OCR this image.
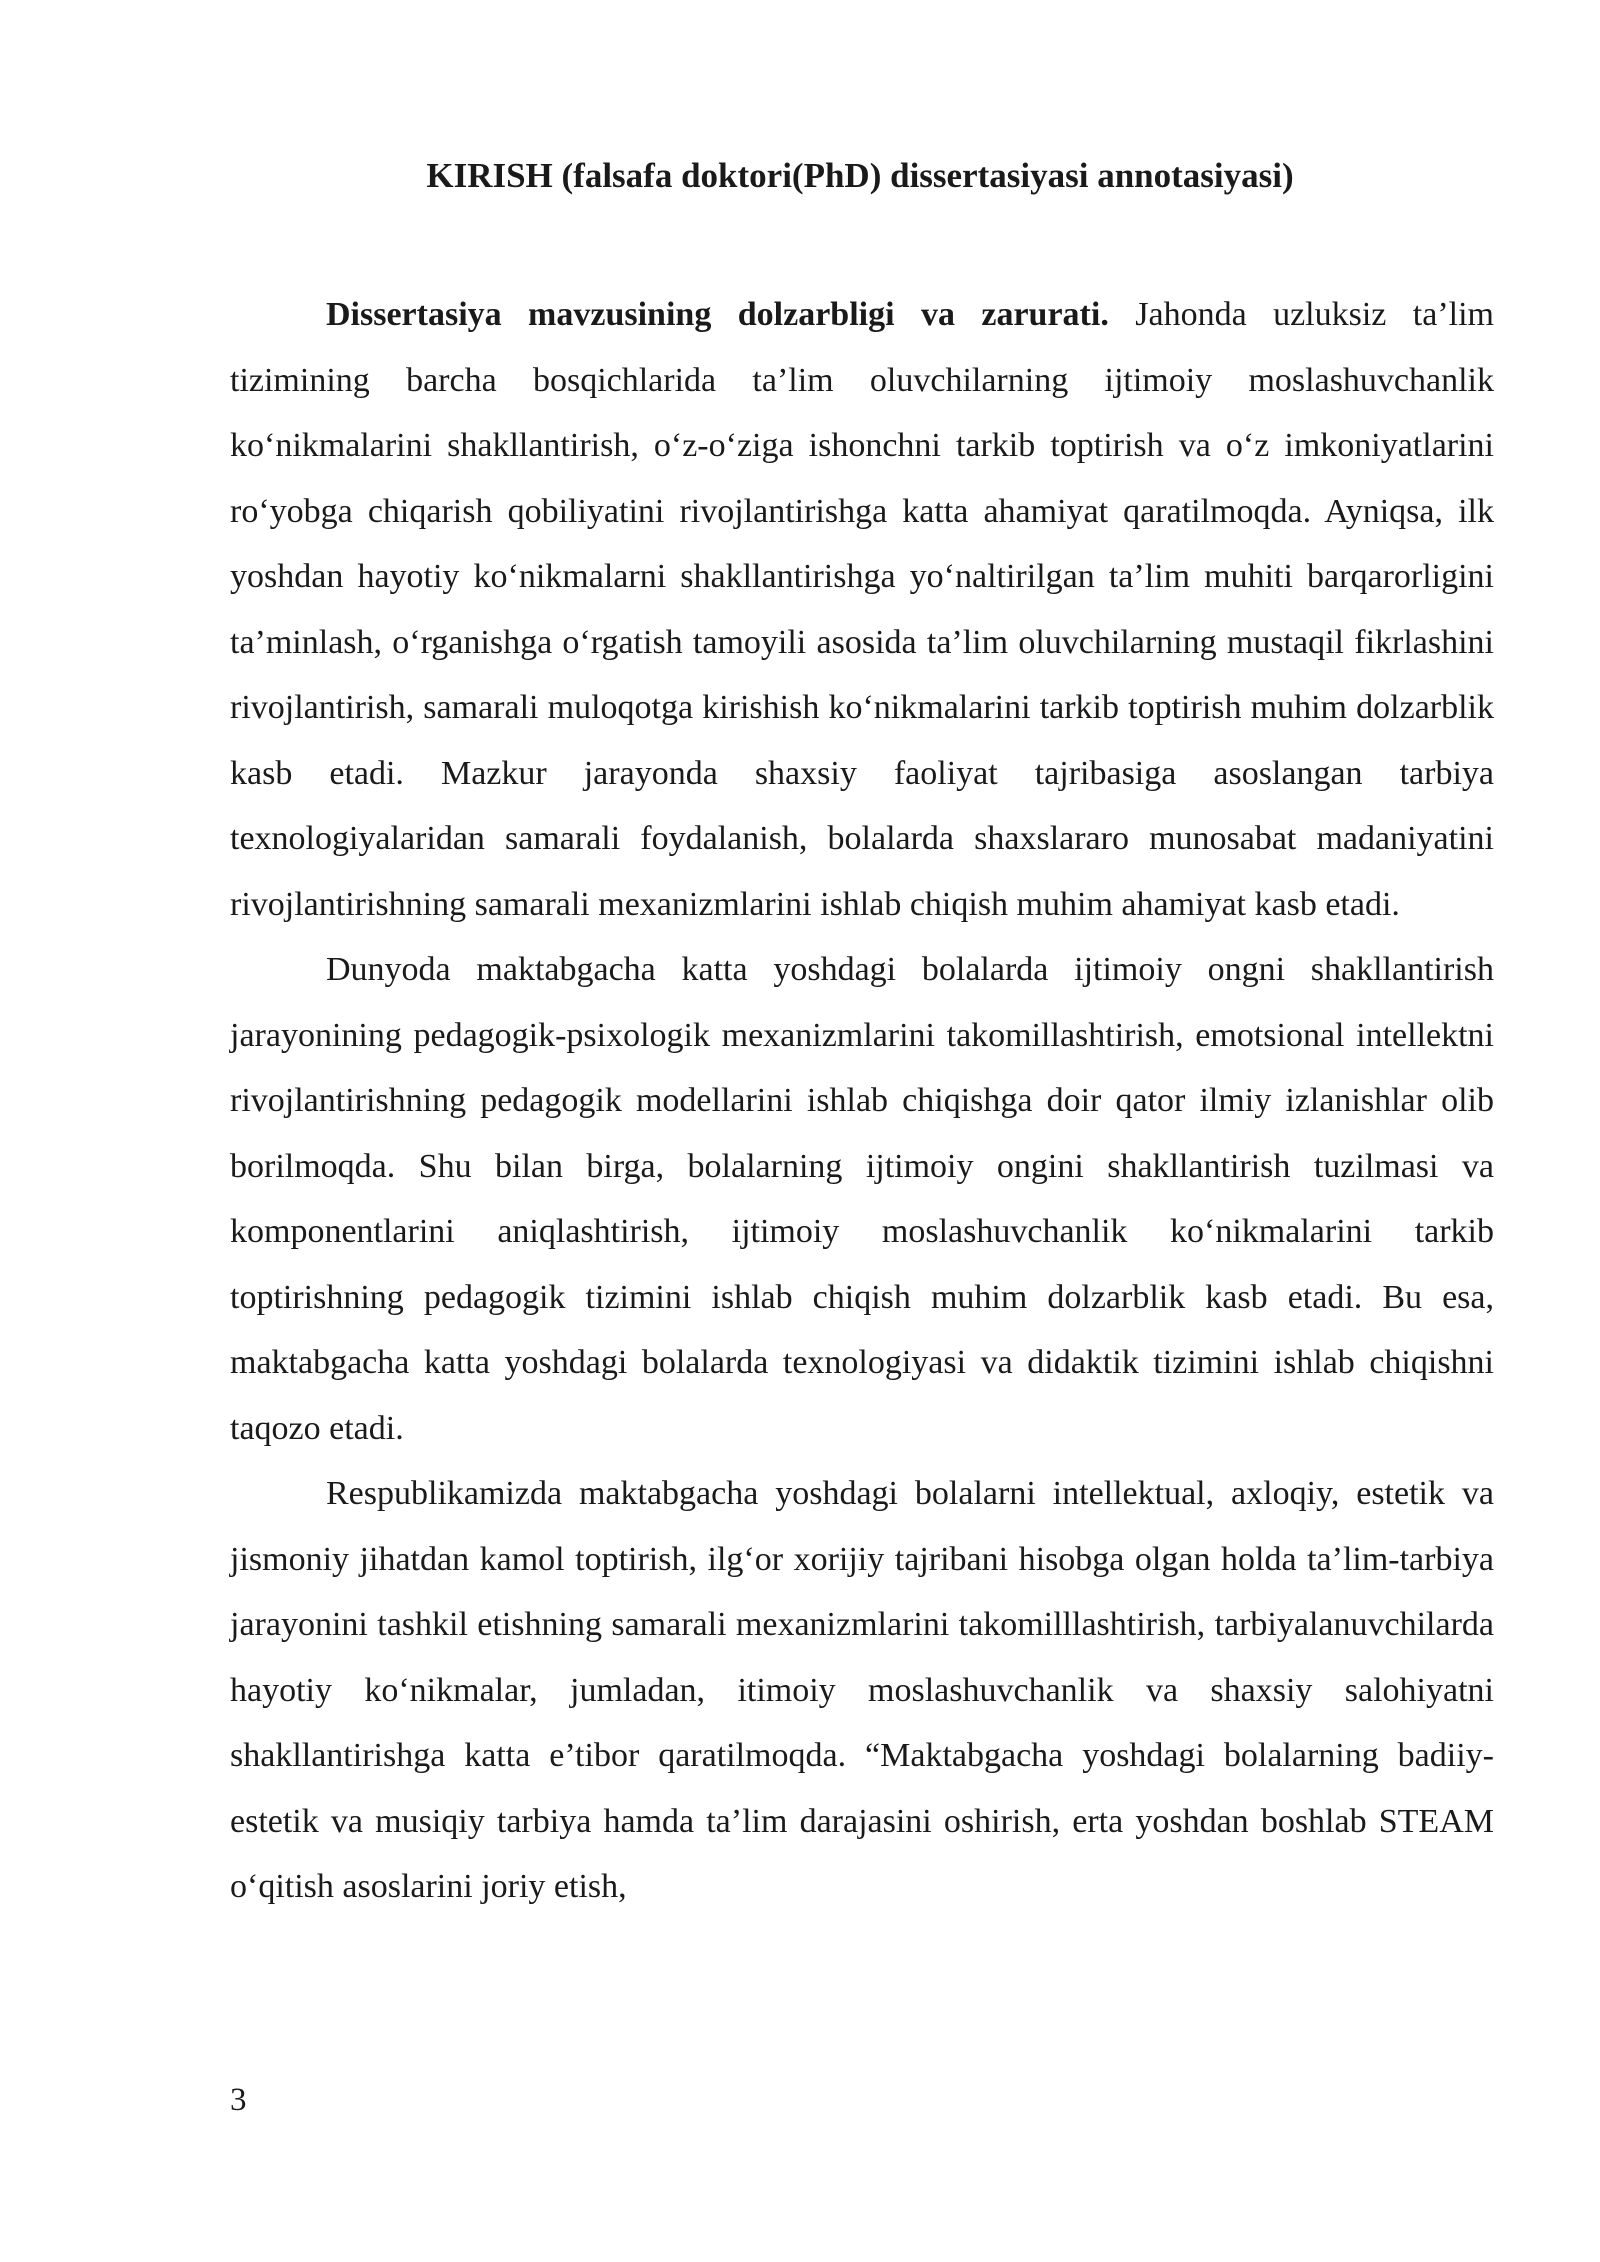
KIRISH (falsafa doktori(PhD) dissertasiyasi annotasiyasi)

Dissertasiya mavzusining dolzarbligi va zarurati. Jahonda uzluksiz ta’lim tizimining barcha bosqichlarida ta’lim oluvchilarning ijtimoiy moslashuvchanlik ko‘nikmalarini shakllantirish, o‘z-o‘ziga ishonchni tarkib toptirish va o‘z imkoniyatlarini ro‘yobga chiqarish qobiliyatini rivojlantirishga katta ahamiyat qaratilmoqda. Ayniqsa, ilk yoshdan hayotiy ko‘nikmalarni shakllantirishga yo‘naltirilgan ta’lim muhiti barqarorligini ta’minlash, o‘rganishga o‘rgatish tamoyili asosida ta’lim oluvchilarning mustaqil fikrlashini rivojlantirish, samarali muloqotga kirishish ko‘nikmalarini tarkib toptirish muhim dolzarblik kasb etadi. Mazkur jarayonda shaxsiy faoliyat tajribasiga asoslangan tarbiya texnologiyalaridan samarali foydalanish, bolalarda shaxslararo munosabat madaniyatini rivojlantirishning samarali mexanizmlarini ishlab chiqish muhim ahamiyat kasb etadi.

Dunyoda maktabgacha katta yoshdagi bolalarda ijtimoiy ongni shakllantirish jarayonining pedagogik-psixologik mexanizmlarini takomillashtirish, emotsional intellektni rivojlantirishning pedagogik modellarini ishlab chiqishga doir qator ilmiy izlanishlar olib borilmoqda. Shu bilan birga, bolalarning ijtimoiy ongini shakllantirish tuzilmasi va komponentlarini aniqlashtirish, ijtimoiy moslashuvchanlik ko‘nikmalarini tarkib toptirishning pedagogik tizimini ishlab chiqish muhim dolzarblik kasb etadi. Bu esa, maktabgacha katta yoshdagi bolalarda texnologiyasi va didaktik tizimini ishlab chiqishni taqozo etadi.

Respublikamizda maktabgacha yoshdagi bolalarni intellektual, axloqiy, estetik va jismoniy jihatdan kamol toptirish, ilg‘or xorijiy tajribani hisobga olgan holda ta’lim-tarbiya jarayonini tashkil etishning samarali mexanizmlarini takomilllashtirish, tarbiyalanuvchilarda hayotiy ko‘nikmalar, jumladan, itimoiy moslashuvchanlik va shaxsiy salohiyatni shakllantirishga katta e’tibor qaratilmoqda. “Maktabgacha yoshdagi bolalarning badiiy-estetik va musiqiy tarbiya hamda ta’lim darajasini oshirish, erta yoshdan boshlab STEAM o‘qitish asoslarini joriy etish,

3
